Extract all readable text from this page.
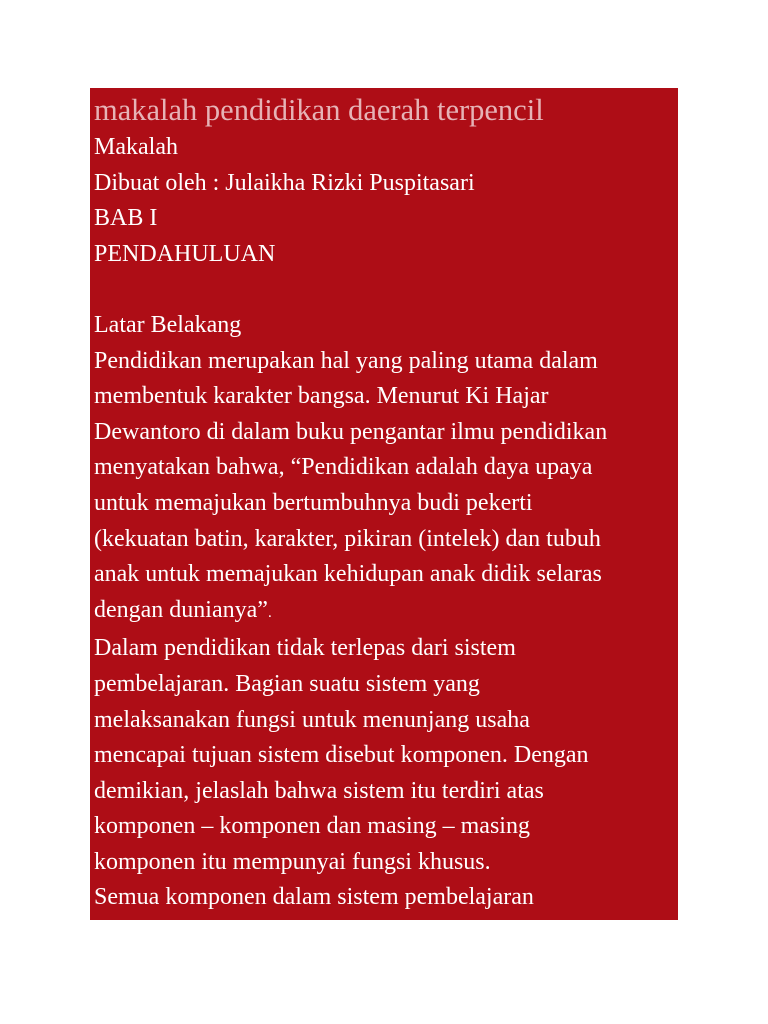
makalah pendidikan daerah terpencil
Makalah
Dibuat oleh : Julaikha Rizki Puspitasari
BAB I
PENDAHULUAN
Latar Belakang
Pendidikan merupakan hal yang paling utama dalam
membentuk karakter bangsa. Menurut Ki Hajar
Dewantoro di dalam buku pengantar ilmu pendidikan
menyatakan bahwa, “Pendidikan adalah daya upaya
untuk memajukan bertumbuhnya budi pekerti
(kekuatan batin, karakter, pikiran (intelek) dan tubuh
anak untuk memajukan kehidupan anak didik selaras
dengan dunianya”.
Dalam pendidikan tidak terlepas dari sistem
pembelajaran. Bagian suatu sistem yang
melaksanakan fungsi untuk menunjang usaha
mencapai tujuan sistem disebut komponen. Dengan
demikian, jelaslah bahwa sistem itu terdiri atas
komponen – komponen dan masing – masing
komponen itu mempunyai fungsi khusus.
Semua komponen dalam sistem pembelajaran
